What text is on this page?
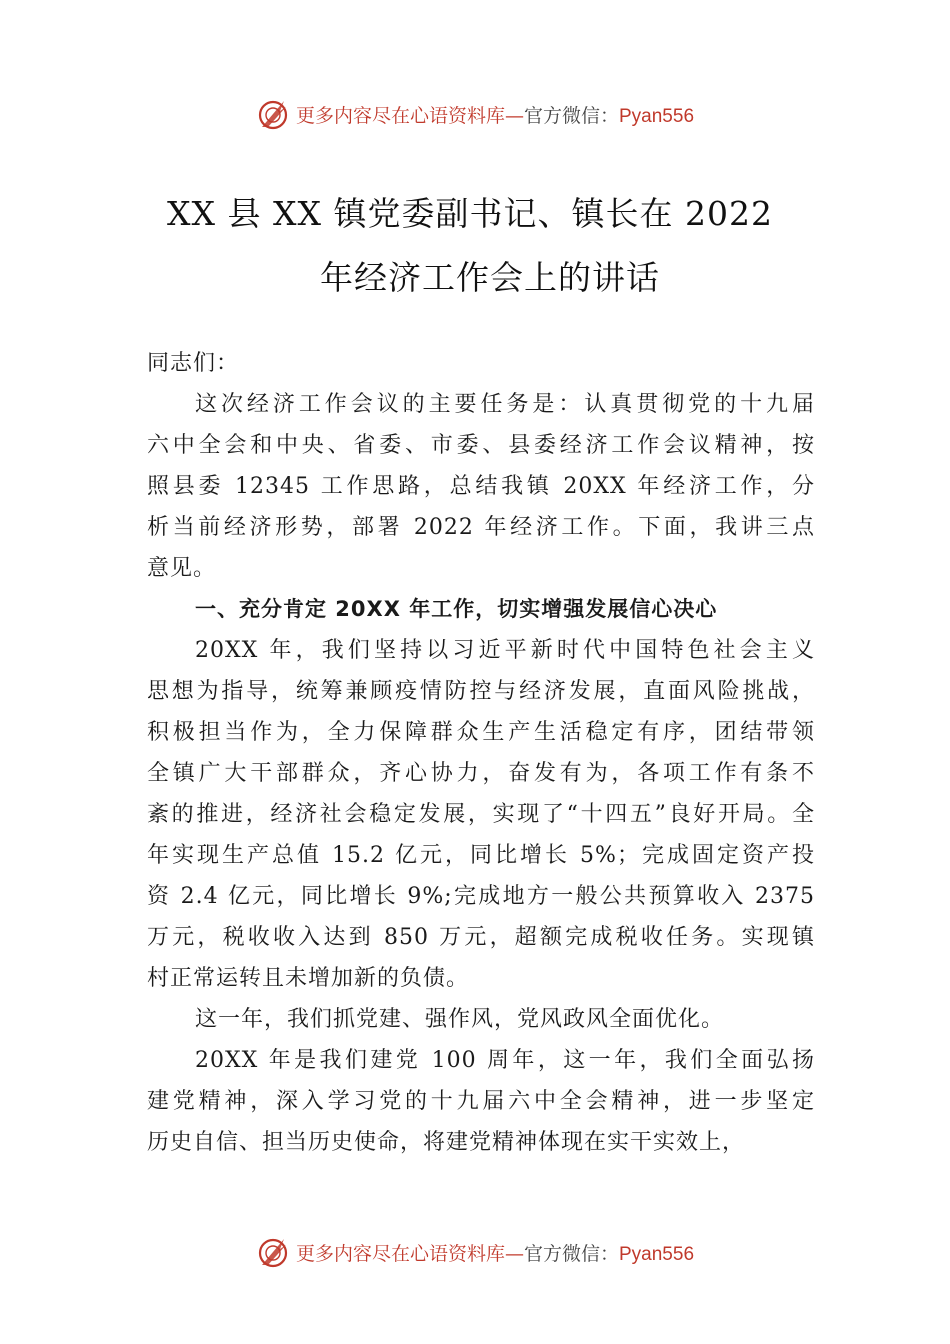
更多内容尽在心语资料库—官方微信：Pyan556
XX 县 XX 镇党委副书记、镇长在 2022
年经济工作会上的讲话
同志们：
这次经济工作会议的主要任务是：认真贯彻党的十九届
六中全会和中央、省委、市委、县委经济工作会议精神，按
照县委 12345 工作思路，总结我镇 20XX 年经济工作，分
析当前经济形势，部署 2022 年经济工作。下面，我讲三点
意见。
一、充分肯定 20XX 年工作，切实增强发展信心决心
20XX 年，我们坚持以习近平新时代中国特色社会主义
思想为指导，统筹兼顾疫情防控与经济发展，直面风险挑战，
积极担当作为，全力保障群众生产生活稳定有序，团结带领
全镇广大干部群众，齐心协力，奋发有为，各项工作有条不
紊的推进，经济社会稳定发展，实现了“十四五”良好开局。全
年实现生产总值 15.2 亿元，同比增长 5%；完成固定资产投
资 2.4 亿元，同比增长 9%;完成地方一般公共预算收入 2375
万元，税收收入达到 850 万元，超额完成税收任务。实现镇
村正常运转且未增加新的负债。
这一年，我们抓党建、强作风，党风政风全面优化。
20XX 年是我们建党 100 周年，这一年，我们全面弘扬
建党精神，深入学习党的十九届六中全会精神，进一步坚定
历史自信、担当历史使命，将建党精神体现在实干实效上，
更多内容尽在心语资料库—官方微信：Pyan556
